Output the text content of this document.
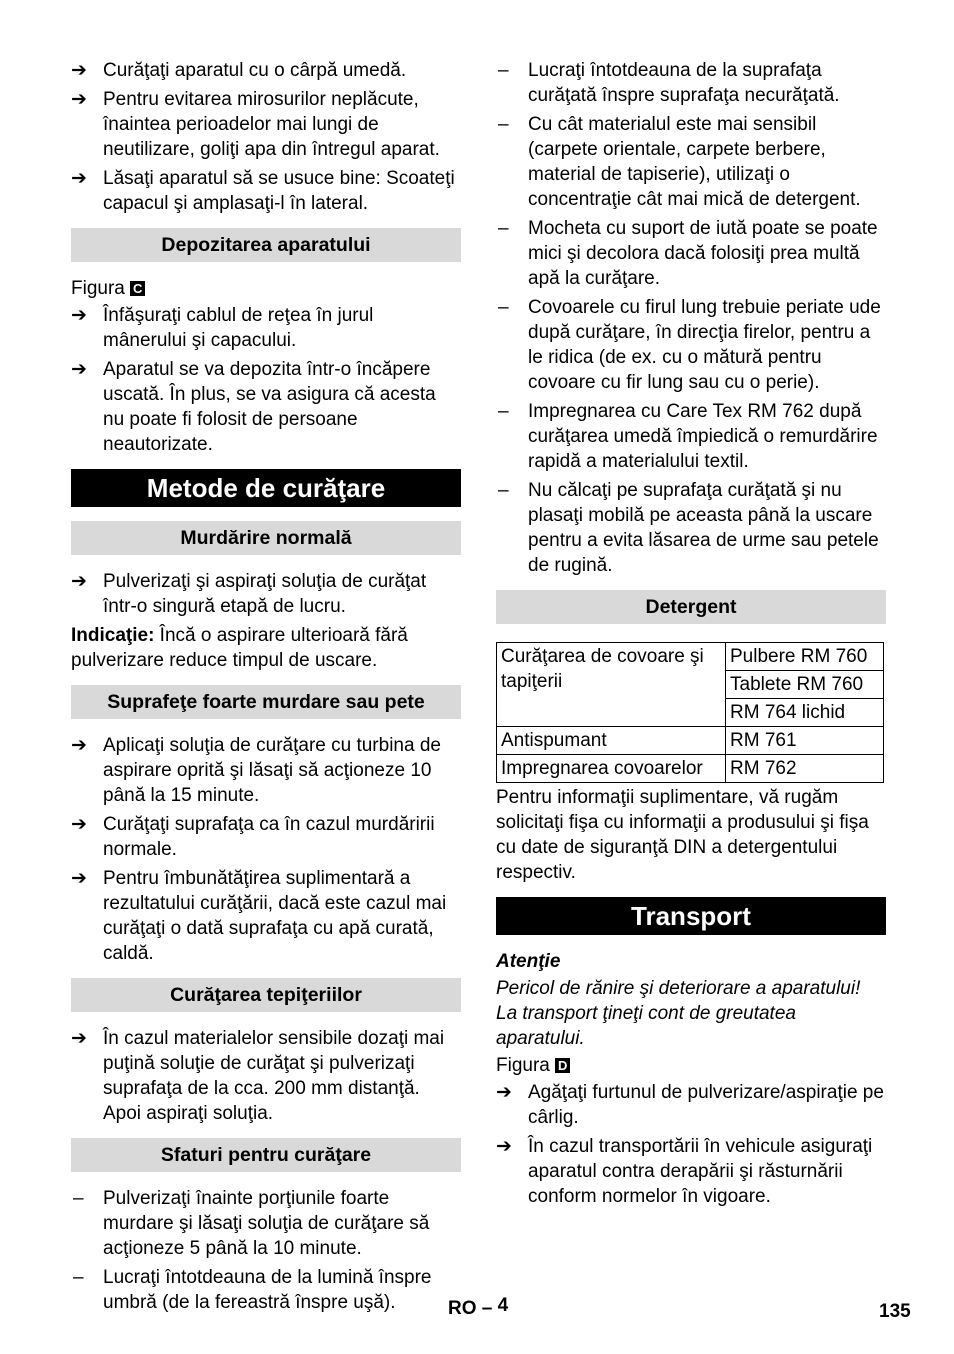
➔ Curăţaţi aparatul cu o cârpă umedă.
➔ Pentru evitarea mirosurilor neplăcute, înaintea perioadelor mai lungi de neutilizare, goliţi apa din întregul aparat.
➔ Lăsaţi aparatul să se usuce bine: Scoateţi capacul şi amplasaţi-l în lateral.
Depozitarea aparatului
Figura C
➔ Înfăşuraţi cablul de reţea în jurul mânerului şi capacului.
➔ Aparatul se va depozita într-o încăpere uscată. În plus, se va asigura că acesta nu poate fi folosit de persoane neautorizate.
Metode de curăţare
Murdărire normală
➔ Pulverizaţi şi aspiraţi soluţia de curăţat într-o singură etapă de lucru.
Indicaţie: Încă o aspirare ulterioară fără pulverizare reduce timpul de uscare.
Suprafeţe foarte murdare sau pete
➔ Aplicaţi soluţia de curăţare cu turbina de aspirare oprită şi lăsaţi să acţioneze 10 până la 15 minute.
➔ Curăţaţi suprafaţa ca în cazul murdăririi normale.
➔ Pentru îmbunătăţirea suplimentară a rezultatului curăţării, dacă este cazul mai curăţaţi o dată suprafaţa cu apă curată, caldă.
Curăţarea tepiţeriilor
➔ În cazul materialelor sensibile dozaţi mai puţină soluţie de curăţat şi pulverizaţi suprafaţa de la cca. 200 mm distanţă. Apoi aspiraţi soluţia.
Sfaturi pentru curăţare
–	Pulverizaţi înainte porţiunile foarte murdare şi lăsaţi soluţia de curăţare să acţioneze 5 până la 10 minute.
–	Lucraţi întotdeauna de la lumină înspre umbră (de la fereastră înspre uşă).
–	Lucraţi întotdeauna de la suprafaţa curăţată înspre suprafaţa necurăţată.
–	Cu cât materialul este mai sensibil (carpete orientale, carpete berbere, material de tapiserie), utilizaţi o concentraţie cât mai mică de detergent.
–	Mocheta cu suport de iută poate se poate mici şi decolora dacă folosiţi prea multă apă la curăţare.
–	Covoarele cu firul lung trebuie periate ude după curăţare, în direcţia firelor, pentru a le ridica (de ex. cu o mătură pentru covoare cu fir lung sau cu o perie).
–	Impregnarea cu Care Tex RM 762 după curăţarea umedă împiedică o remurdărire rapidă a materialului textil.
–	Nu călcaţi pe suprafaţa curăţată şi nu plasaţi mobilă pe aceasta până la uscare pentru a evita lăsarea de urme sau petele de rugină.
Detergent
Curăţarea de covoare şi tapiţerii	Pulbere RM 760
	Tablete RM 760
	RM 764 lichid
Antispumant	RM 761
Impregnarea covoarelor	RM 762
Pentru informaţii suplimentare, vă rugăm solicitaţi fişa cu informaţii a produsului şi fişa cu date de siguranţă DIN a detergentului respectiv.
Transport
Atenţie
Pericol de rănire şi deteriorare a aparatului! La transport ţineţi cont de greutatea aparatului.
Figura D
➔ Agăţaţi furtunul de pulverizare/aspiraţie pe cârlig.
➔ În cazul transportării în vehicule asiguraţi aparatul contra derapării şi răsturnării conform normelor în vigoare.
RO – 4	135
